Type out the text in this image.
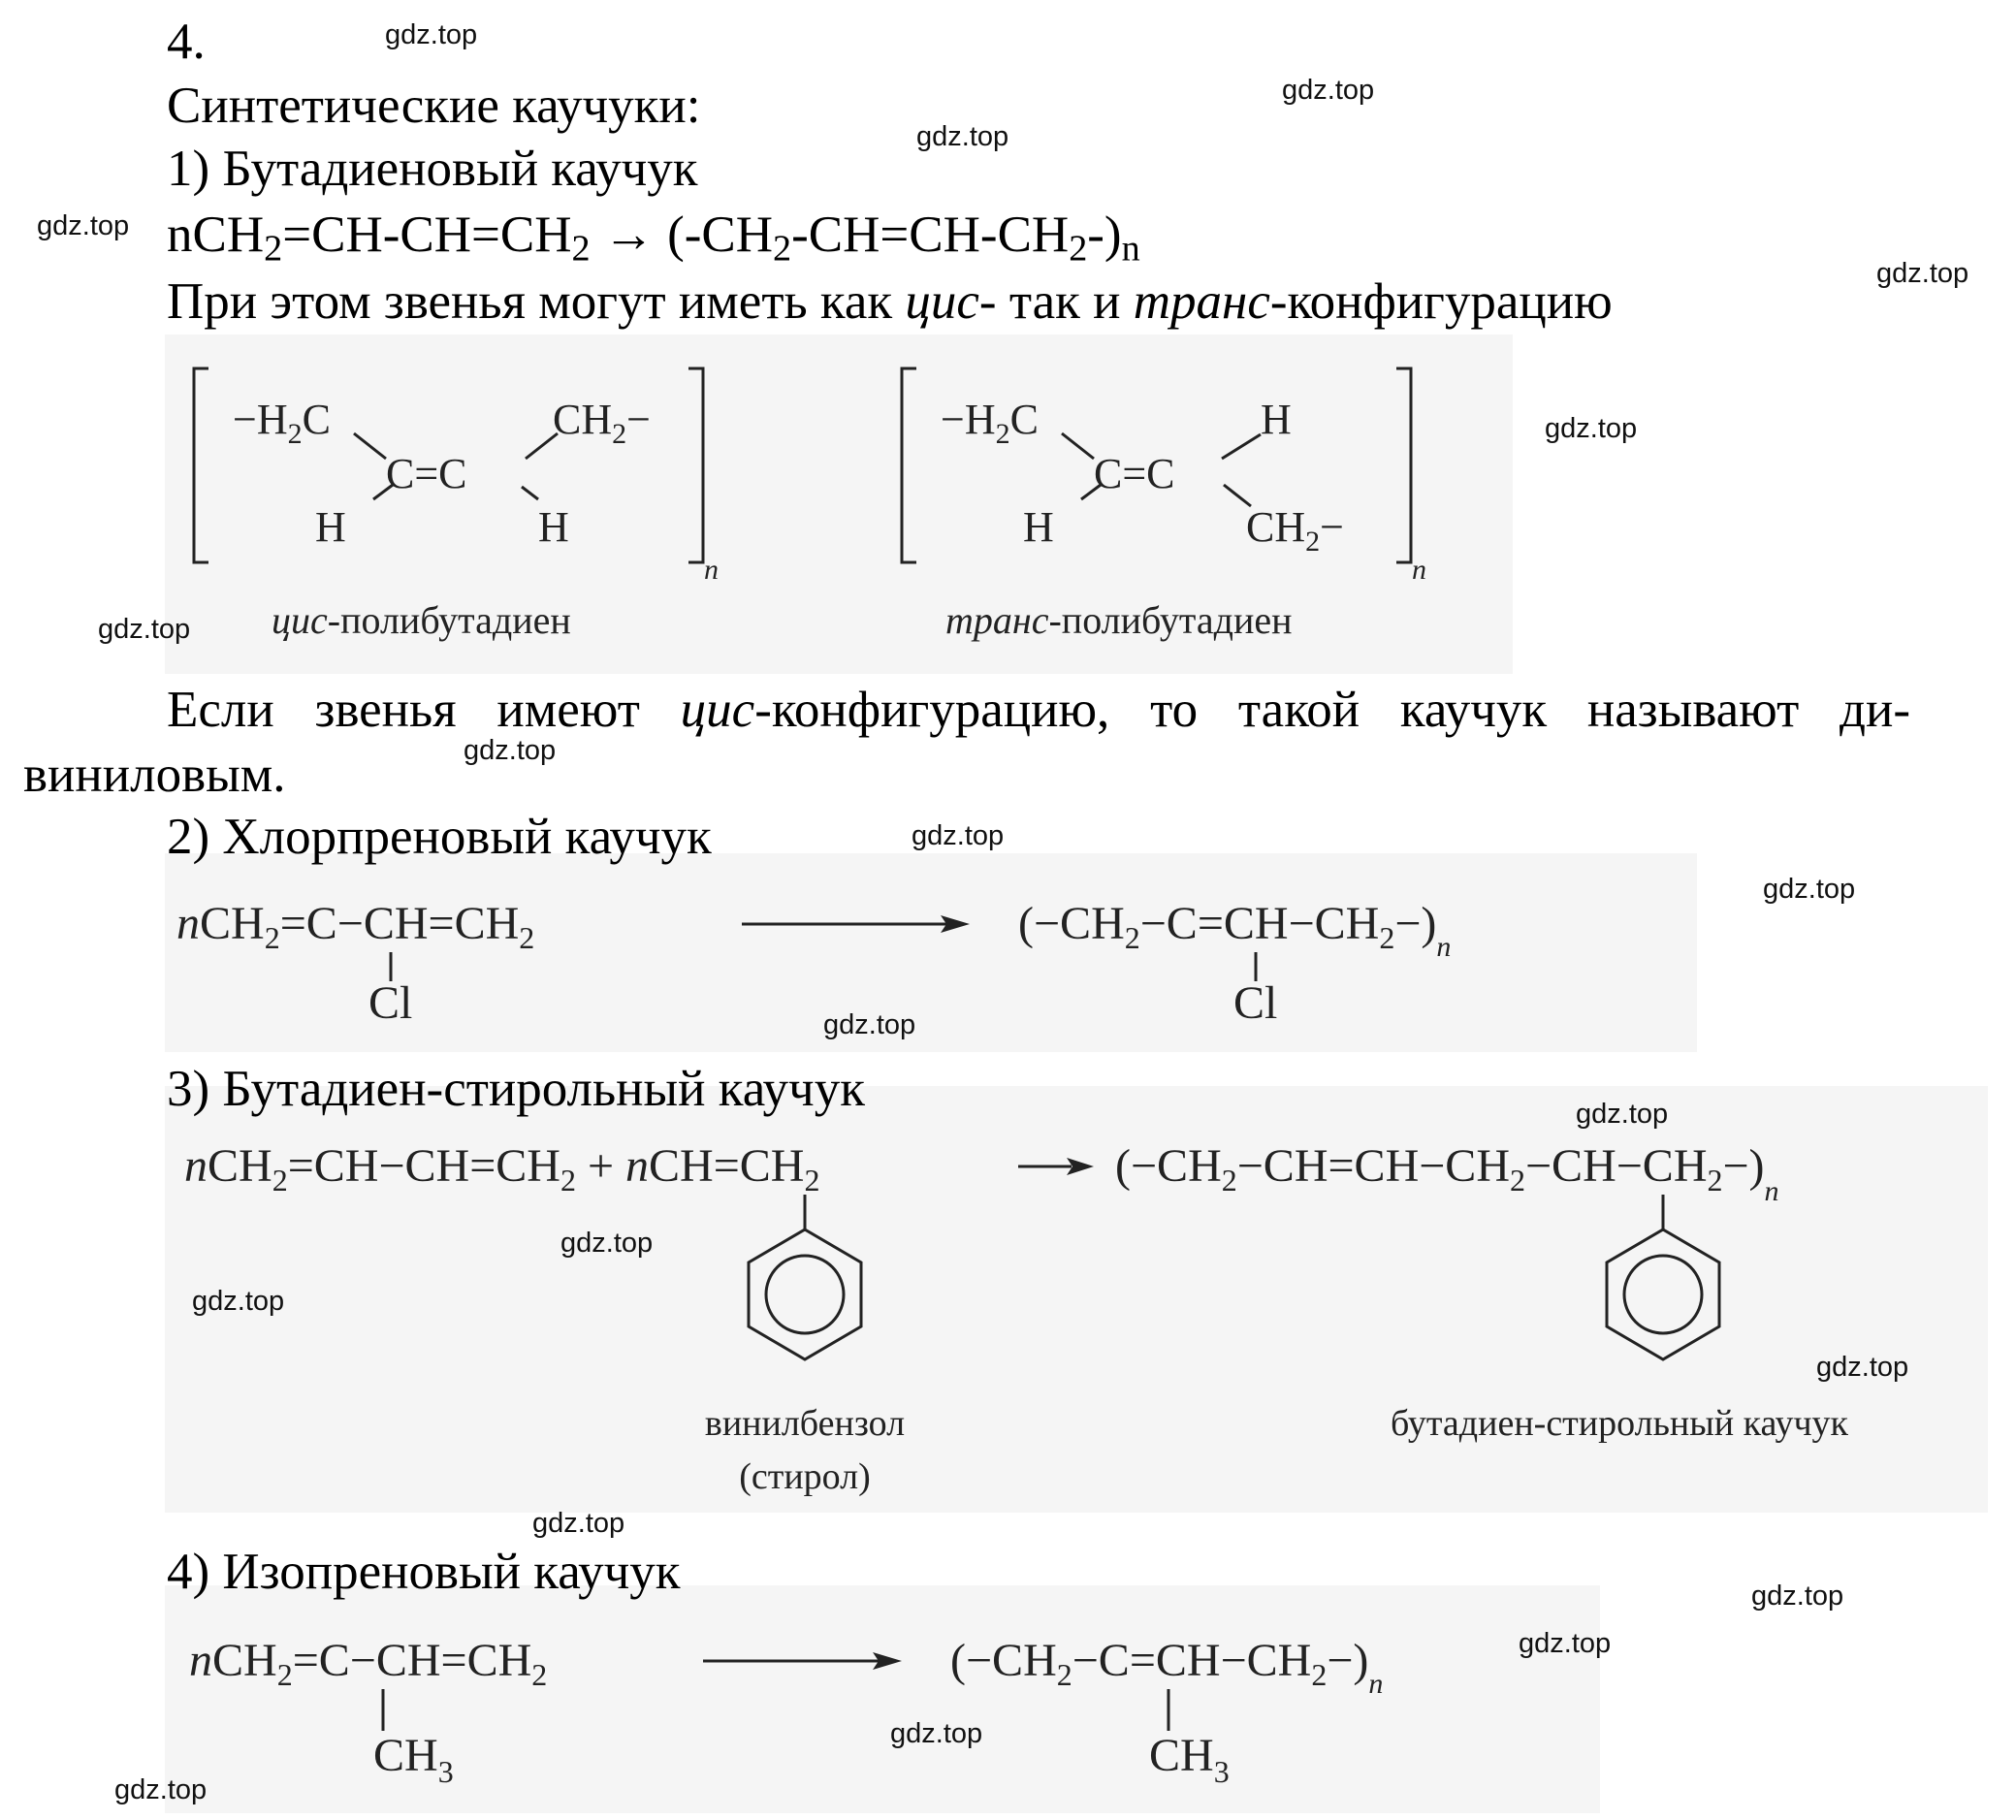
4.
Синтетические каучуки:
1) Бутадиеновый каучук
$nCH_2=CH-CH=CH_2 \to (-CH_2-CH=CH-CH_2-)_n$
При этом звенья могут иметь как цис- так и транс-конфигурацию
$-H_2C$	$CH_2-$
C=C
H	H
n
$-H_2C$
C=C
H
H	$CH_2-$
n
цис-полибутадиен	транс-полибутадиен
Если звенья имеют цис-конфигурацию, то такой каучук называют ди-
виниловым.
2) Хлорпреновый каучук
$nCH_2=C-CH=CH_2$	$(-CH_2-C=CH-CH_2-)_n$
Cl	Cl
3) Бутадиен-стирольный каучук
$nCH_2=CH-CH=CH_2 + nCH=CH_2$	$(-CH_2-CH=CH-CH_2-CH-CH_2-)_n$
винилбензол
(стирол)
бутадиен-стирольный каучук
4) Изопреновый каучук
$nCH_2=C-CH=CH_2$	$(-CH_2-C=CH-CH_2-)_n$
$CH_3$	$CH_3$
gdz.top
gdz.top
gdz.top
gdz.top
gdz.top
gdz.top
gdz.top
gdz.top
gdz.top
gdz.top
gdz.top
gdz.top
gdz.top
gdz.top
gdz.top
gdz.top
gdz.top
gdz.top
gdz.top
gdz.top
